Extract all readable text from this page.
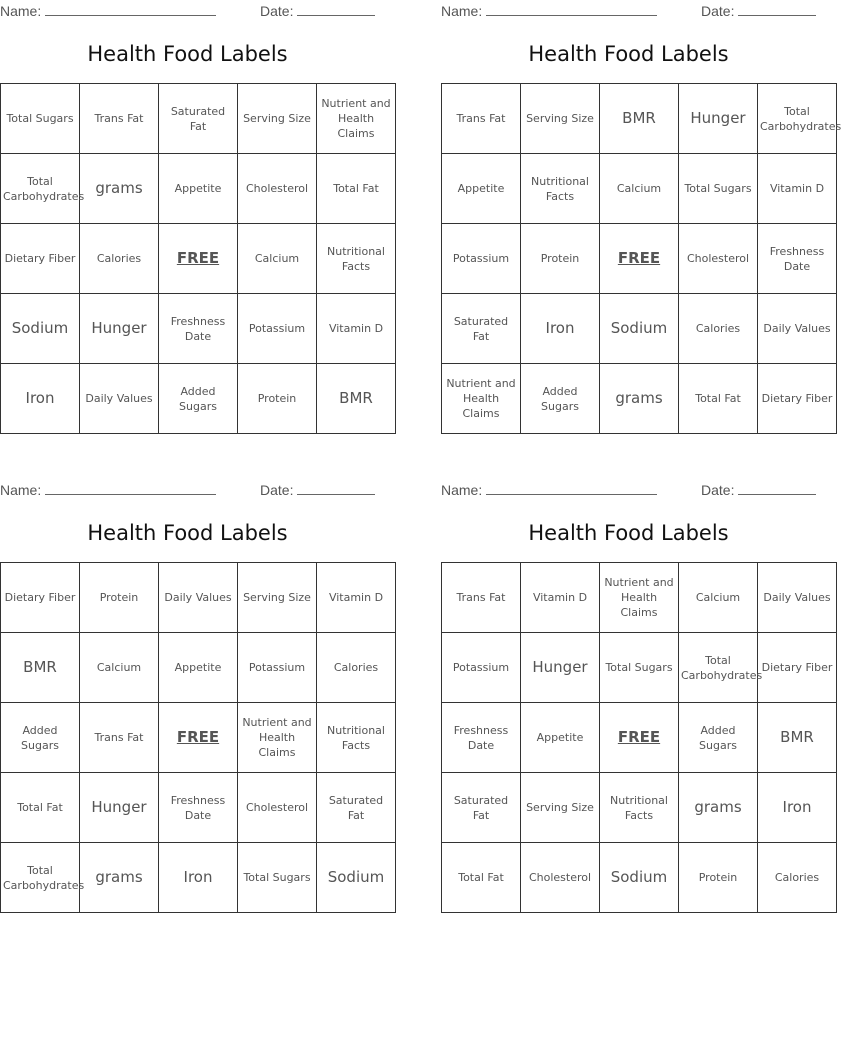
Name:	Date:
Health Food Labels
Total Sugars	Trans Fat	Saturated Fat	Serving Size	Nutrient and Health Claims
Total Carbohydrates	grams	Appetite	Cholesterol	Total Fat
Dietary Fiber	Calories	FREE	Calcium	Nutritional Facts
Sodium	Hunger	Freshness Date	Potassium	Vitamin D
Iron	Daily Values	Added Sugars	Protein	BMR
Name:	Date:
Health Food Labels
Trans Fat	Serving Size	BMR	Hunger	Total Carbohydrates
Appetite	Nutritional Facts	Calcium	Total Sugars	Vitamin D
Potassium	Protein	FREE	Cholesterol	Freshness Date
Saturated Fat	Iron	Sodium	Calories	Daily Values
Nutrient and Health Claims	Added Sugars	grams	Total Fat	Dietary Fiber
Name:	Date:
Health Food Labels
Dietary Fiber	Protein	Daily Values	Serving Size	Vitamin D
BMR	Calcium	Appetite	Potassium	Calories
Added Sugars	Trans Fat	FREE	Nutrient and Health Claims	Nutritional Facts
Total Fat	Hunger	Freshness Date	Cholesterol	Saturated Fat
Total Carbohydrates	grams	Iron	Total Sugars	Sodium
Name:	Date:
Health Food Labels
Trans Fat	Vitamin D	Nutrient and Health Claims	Calcium	Daily Values
Potassium	Hunger	Total Sugars	Total Carbohydrates	Dietary Fiber
Freshness Date	Appetite	FREE	Added Sugars	BMR
Saturated Fat	Serving Size	Nutritional Facts	grams	Iron
Total Fat	Cholesterol	Sodium	Protein	Calories
